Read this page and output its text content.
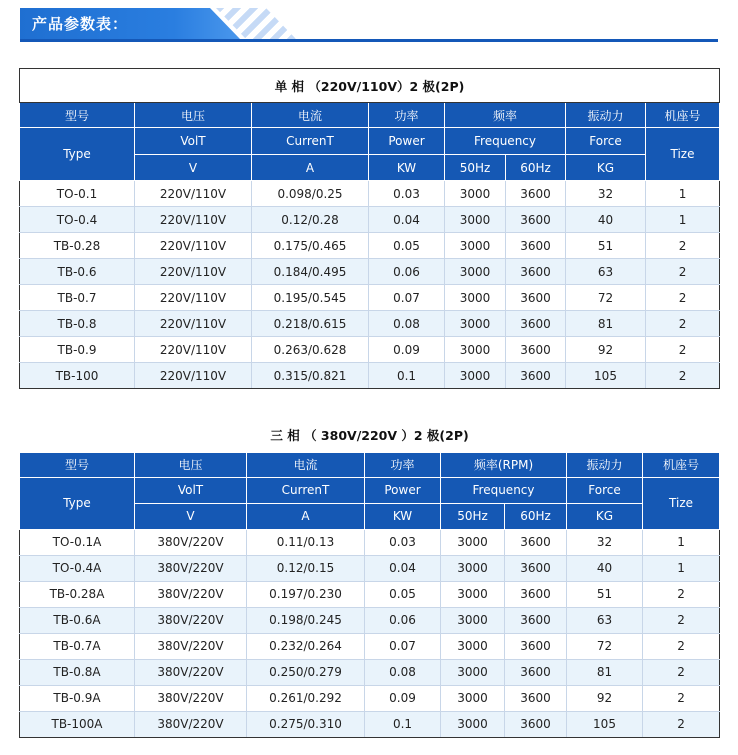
产品参数表：
单 相 （220V/110V）2 极(2P)							
型号	电压	电流	功率	频率		振动力	机座号
Type	VolT	CurrenT	Power	Frequency		Force	Tize
	V	A	KW	50Hz	60Hz	KG	
TO-0.1	220V/110V	0.098/0.25	0.03	3000	3600	32	1
TO-0.4	220V/110V	0.12/0.28	0.04	3000	3600	40	1
TB-0.28	220V/110V	0.175/0.465	0.05	3000	3600	51	2
TB-0.6	220V/110V	0.184/0.495	0.06	3000	3600	63	2
TB-0.7	220V/110V	0.195/0.545	0.07	3000	3600	72	2
TB-0.8	220V/110V	0.218/0.615	0.08	3000	3600	81	2
TB-0.9	220V/110V	0.263/0.628	0.09	3000	3600	92	2
TB-100	220V/110V	0.315/0.821	0.1	3000	3600	105	2
三 相 （ 380V/220V ）2 极(2P)							
型号	电压	电流	功率	频率(RPM)		振动力	机座号
Type	VolT	CurrenT	Power	Frequency		Force	Tize
	V	A	KW	50Hz	60Hz	KG	
TO-0.1A	380V/220V	0.11/0.13	0.03	3000	3600	32	1
TO-0.4A	380V/220V	0.12/0.15	0.04	3000	3600	40	1
TB-0.28A	380V/220V	0.197/0.230	0.05	3000	3600	51	2
TB-0.6A	380V/220V	0.198/0.245	0.06	3000	3600	63	2
TB-0.7A	380V/220V	0.232/0.264	0.07	3000	3600	72	2
TB-0.8A	380V/220V	0.250/0.279	0.08	3000	3600	81	2
TB-0.9A	380V/220V	0.261/0.292	0.09	3000	3600	92	2
TB-100A	380V/220V	0.275/0.310	0.1	3000	3600	105	2
